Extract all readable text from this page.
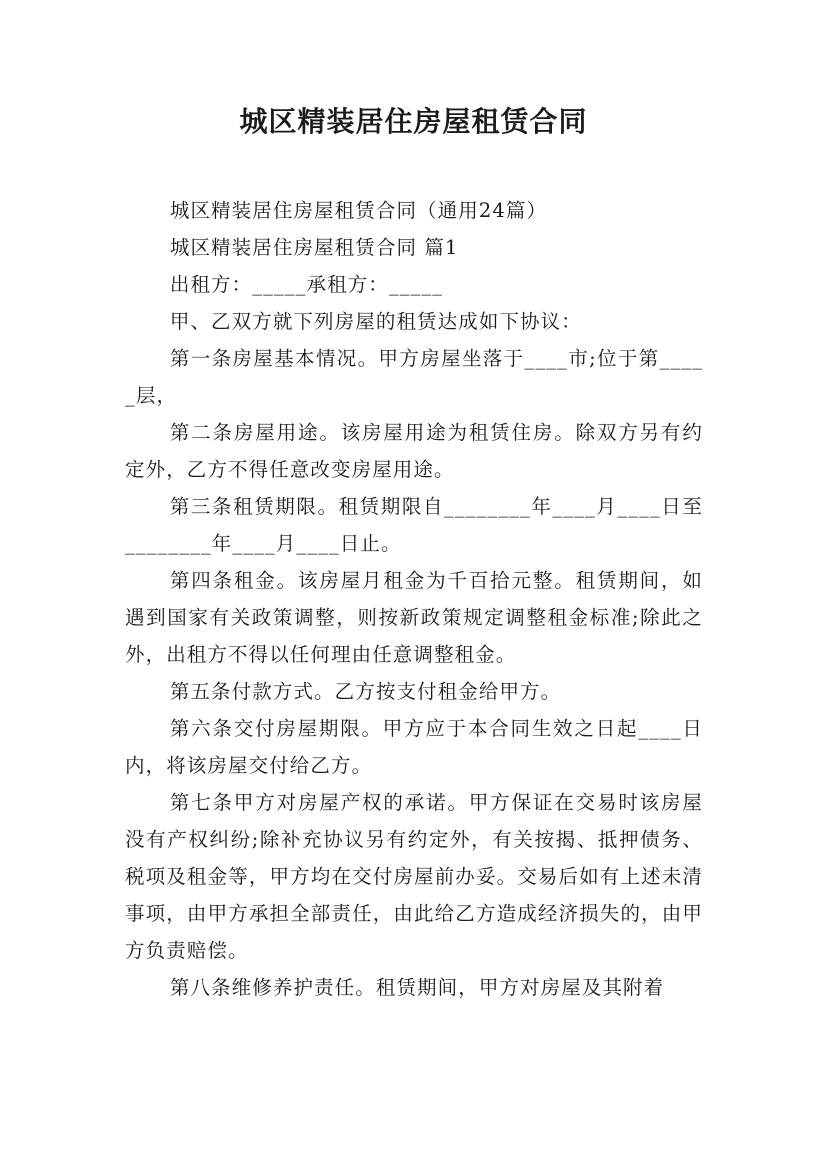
城区精装居住房屋租赁合同

城区精装居住房屋租赁合同（通用24篇）

城区精装居住房屋租赁合同 篇1

出租方：_____承租方：_____

甲、乙双方就下列房屋的租赁达成如下协议：

第一条房屋基本情况。甲方房屋坐落于____市;位于第_____层，

第二条房屋用途。该房屋用途为租赁住房。除双方另有约定外，乙方不得任意改变房屋用途。

第三条租赁期限。租赁期限自________年____月____日至________年____月____日止。

第四条租金。该房屋月租金为千百拾元整。租赁期间，如遇到国家有关政策调整，则按新政策规定调整租金标准;除此之外，出租方不得以任何理由任意调整租金。

第五条付款方式。乙方按支付租金给甲方。

第六条交付房屋期限。甲方应于本合同生效之日起____日内，将该房屋交付给乙方。

第七条甲方对房屋产权的承诺。甲方保证在交易时该房屋没有产权纠纷;除补充协议另有约定外，有关按揭、抵押债务、税项及租金等，甲方均在交付房屋前办妥。交易后如有上述未清事项，由甲方承担全部责任，由此给乙方造成经济损失的，由甲方负责赔偿。

第八条维修养护责任。租赁期间，甲方对房屋及其附着
